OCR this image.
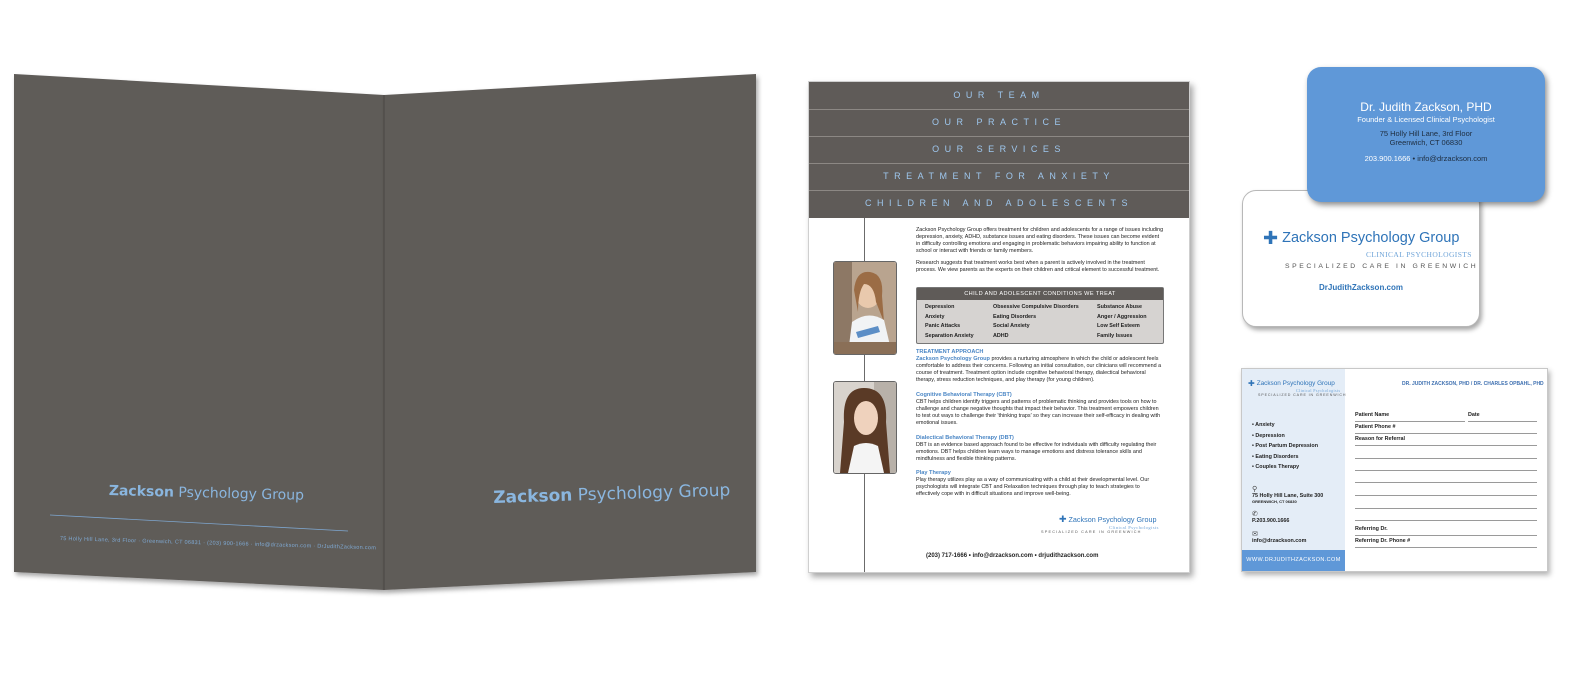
Zackson Psychology Group
75 Holly Hill Lane, 3rd Floor · Greenwich, CT 06831 · (203) 900-1666 · info@drzackson.com · DrJudithZackson.com
Zackson Psychology Group
OUR TEAM
OUR PRACTICE
OUR SERVICES
TREATMENT FOR ANXIETY
CHILDREN AND ADOLESCENTS
Zackson Psychology Group offers treatment for children and adolescents for a range of issues including depression, anxiety, ADHD, substance issues and eating disorders. These issues can become evident in difficulty controlling emotions and engaging in problematic behaviors impairing ability to function at school or interact with friends or family members.
Research suggests that treatment works best when a parent is actively involved in the treatment process. We view parents as the experts on their children and critical element to successful treatment.
CHILD AND ADOLESCENT CONDITIONS WE TREAT
Depression
Anxiety
Panic Attacks
Separation Anxiety
Obsessive Compulsive Disorders
Eating Disorders
Social Anxiety
ADHD
Substance Abuse
Anger / Aggression
Low Self Esteem
Family Issues
TREATMENT APPROACH
Zackson Psychology Group provides a nurturing atmosphere in which the child or adolescent feels comfortable to address their concerns. Following an initial consultation, our clinicians will recommend a course of treatment. Treatment option include cognitive behavioral therapy, dialectical behavioral therapy, stress reduction techniques, and play therapy (for young children).
Cognitive Behavioral Therapy (CBT)
CBT helps children identify triggers and patterns of problematic thinking and provides tools on how to challenge and change negative thoughts that impact their behavior. This treatment empowers children to test out ways to challenge their 'thinking traps' so they can increase their self-efficacy in dealing with emotional issues.
Dialectical Behavioral Therapy (DBT)
DBT is an evidence based approach found to be effective for individuals with difficulty regulating their emotions. DBT helps children learn ways to manage emotions and distress tolerance skills and mindfulness and flexible thinking patterns.
Play Therapy
Play therapy utilizes play as a way of communicating with a child at their developmental level. Our psychologists will integrate CBT and Relaxation techniques through play to teach strategies to effectively cope with in difficult situations and improve well-being.
✚ Zackson Psychology Group
Clinical Psychologists
SPECIALIZED CARE IN GREENWICH
(203) 717-1666 • info@drzackson.com • drjudithzackson.com
✚ Zackson Psychology Group
CLINICAL PSYCHOLOGISTS
SPECIALIZED CARE IN GREENWICH
DrJudithZackson.com
Dr. Judith Zackson, PHD
Founder & Licensed Clinical Psychologist
75 Holly Hill Lane, 3rd Floor
Greenwich, CT 06830
203.900.1666 • info@drzackson.com
✚ Zackson Psychology Group
Clinical Psychologists
SPECIALIZED CARE IN GREENWICH
• Anxiety
• Depression
• Post Partum Depression
• Eating Disorders
• Couples Therapy
⚲
75 Holly Hill Lane, Suite 300
GREENWICH, CT 06830
✆
P.203.900.1666
✉
info@drzackson.com
WWW.DRJUDITHZACKSON.COM
DR. JUDITH ZACKSON, PHD / DR. CHARLES OPBAHL, PHD
Patient Name	Date
Patient Phone #
Reason for Referral
Referring Dr.
Referring Dr. Phone #
